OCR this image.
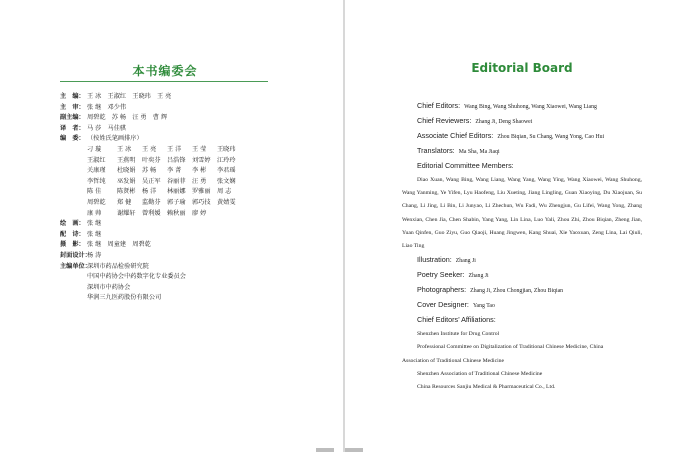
本书编委会
主　编： 王 冰　王淑红　王晓玮　王 亮
主　审： 张 继　邓少伟
副主编： 周碧乾　苏 畅　汪 勇　曹 辉
译　者： 马 莎　马佳骐
编　委： （按姓氏笔画排序）
刁 璇	王 冰	王 亮	王 洋	王 莹	王晓玮
王淑红	王燕明	叶奕芬	吕浩锋	刘雪婷	江玲玲
关康瑾	杜晓娟	苏 畅	李 菁	李 彬	李君瑶
李哲纯	巫发娟	吴正军	谷丽菲	汪 勇	张文娴
陈 佳	陈贤彬	杨 洋	林丽娜	罗雅丽	周 志
周碧乾	郑 健	监勤芬	郭子瑜	郭巧技	黄婧雯
康 帅	谢耀轩	曾利媛	赖秋丽	廖 婷
绘　画： 张 继
配　诗： 张 继
摄　影： 张 继　周童建　周碧乾
封面设计：
杨 涛
主编单位：
深圳市药品检验研究院
中国中药协会中药数字化专业委员会
深圳市中药协会
华润三九医药股份有限公司
Editorial Board
Chief Editors: Wang Bing, Wang Shuhong, Wang Xiaowei, Wang Liang
Chief Reviewers: Zhang Ji, Deng Shaowei
Associate Chief Editors: Zhou Biqian, Su Chang, Wang Yong, Cao Hui
Translators: Ma Sha, Ma Jiaqi
Editorial Committee Members:
Diao Xuan, Wang Bing, Wang Liang, Wang Yang, Wang Ying, Wang Xiaowei, Wang Shuhong, Wang Yanming, Ye Yifen, Lyu Haofeng, Liu Xueting, Jiang Lingling, Guan Xiaoying, Du Xiaojuan, Su Chang, Li Jing, Li Bin, Li Junyao, Li Zhechun, Wu Fadi, Wu Zhengjun, Gu Lifei, Wang Yong, Zhang Wenxian, Chen Jia, Chen Shabin, Yang Yang, Lin Lina, Luo Yali, Zhou Zhi, Zhou Biqian, Zheng Jian, Yuan Qinfen, Guo Ziyu, Guo Qiaoji, Huang Jingwen, Kang Shuai, Xie Yaoxuan, Zeng Lina, Lai Qiuli, Liao Ting
Illustration: Zhang Ji
Poetry Seeker: Zhang Ji
Photographers: Zhang Ji, Zhou Chongjian, Zhou Biqian
Cover Designer: Yang Tao
Chief Editors’ Affiliations:
Shenzhen Institute for Drug Control
Professional Committee on Digitalization of Traditional Chinese Medicine, China
Association of Traditional Chinese Medicine
Shenzhen Association of Traditional Chinese Medicine
China Resources Sanjiu Medical & Pharmaceutical Co., Ltd.
